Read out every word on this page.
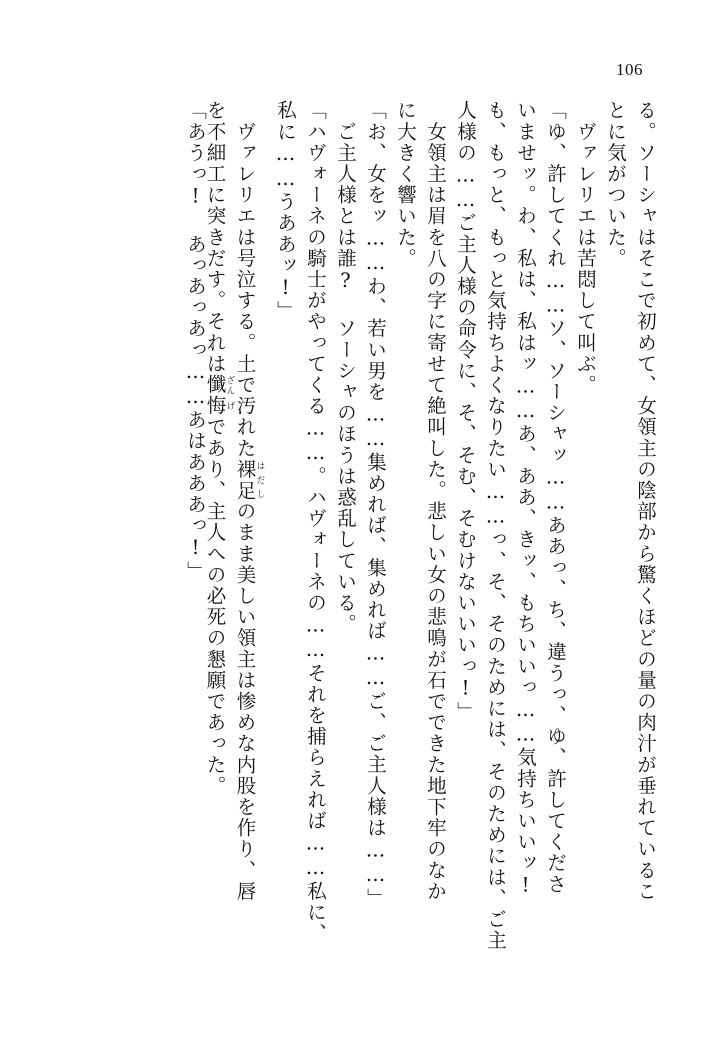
106
る。ソーシャはそこで初めて、女領主の陰部から驚くほどの量の肉汁が垂れているこ
とに気がついた。
　ヴァレリエは苦悶して叫ぶ。
「ゆ、許してくれ……ソ、ソーシャッ……ああっ、ち、違うっ、ゆ、許してくださ
いませッ。わ、私は、私はッ……あ、ああ、きッ、もちいいっ……気持ちいいッ!
も、もっと、もっと気持ちよくなりたい……っ、そ、そのためには、そのためには、ご主
人様の……ご主人様の命令に、そ、そむ、そむけないいいっ!」
　女領主は眉を八の字に寄せて絶叫した。悲しい女の悲鳴が石でできた地下牢のなか
に大きく響いた。
「お、女をッ……わ、若い男を……集めれば、集めれば……ご、ご主人様は……」
　ご主人様とは誰? ソーシャのほうは惑乱している。
「ハヴォーネの騎士がやってくる……。ハヴォーネの……それを捕らえれば……私に、
私に……うああッ!」
　ヴァレリエは号泣する。土で汚れた裸足はだしのまま美しい領主は惨めな内股を作り、唇
を不細工に突きだす。それは懺ざん悔げであり、主人への必死の懇願であった。
「あうっ! あっあっあっ……あはあああっ!」
